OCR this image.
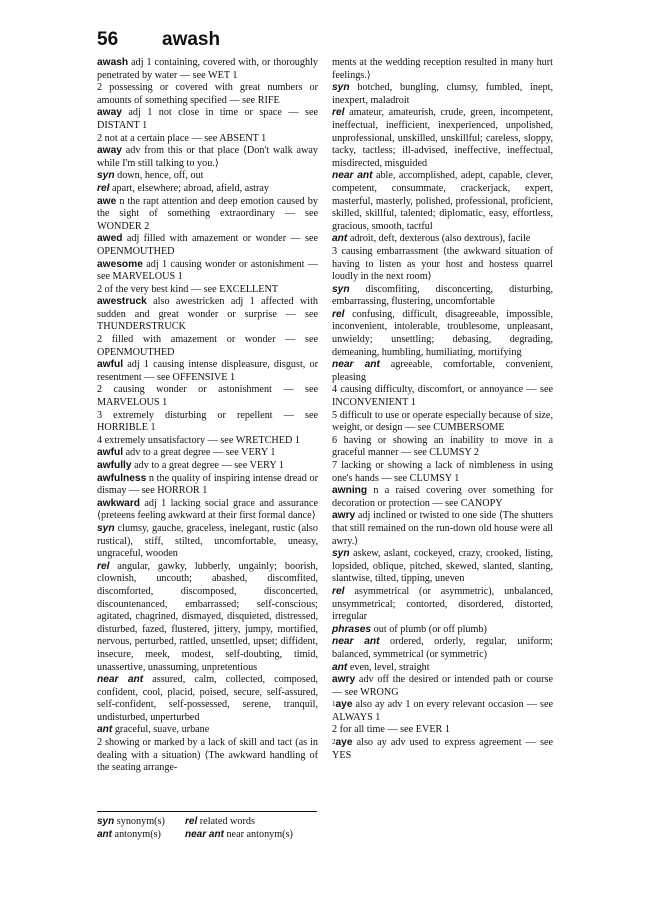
56 awash

awash adj 1 containing, covered with, or thoroughly penetrated by water — see WET 1

2 possessing or covered with great numbers or amounts of something specified — see RIFE

away adj 1 not close in time or space — see DISTANT 1

2 not at a certain place — see ABSENT 1

away adv from this or that place ⟨Don't walk away while I'm still talking to you.⟩

syn down, hence, off, out

rel apart, elsewhere; abroad, afield, astray

awe n the rapt attention and deep emotion caused by the sight of something extraordinary — see WONDER 2

awed adj filled with amazement or wonder — see OPENMOUTHED

awesome adj 1 causing wonder or astonishment — see MARVELOUS 1

2 of the very best kind — see EXCELLENT

awestruck also awestricken adj 1 affected with sudden and great wonder or surprise — see THUNDERSTRUCK

2 filled with amazement or wonder — see OPENMOUTHED

awful adj 1 causing intense displeasure, disgust, or resentment — see OFFENSIVE 1

2 causing wonder or astonishment — see MARVELOUS 1

3 extremely disturbing or repellent — see HORRIBLE 1

4 extremely unsatisfactory — see WRETCHED 1

awful adv to a great degree — see VERY 1

awfully adv to a great degree — see VERY 1

awfulness n the quality of inspiring intense dread or dismay — see HORROR 1

awkward adj 1 lacking social grace and assurance ⟨preteens feeling awkward at their first formal dance⟩

syn clumsy, gauche, graceless, inelegant, rustic (also rustical), stiff, stilted, uncomfortable, uneasy, ungraceful, wooden

rel angular, gawky, lubberly, ungainly; boorish, clownish, uncouth; abashed, discomfited, discomforted, discomposed, disconcerted, discountenanced, embarrassed; self-conscious; agitated, chagrined, dismayed, disquieted, distressed, disturbed, fazed, flustered, jittery, jumpy, mortified, nervous, perturbed, rattled, unsettled, upset; diffident, insecure, meek, modest, self-doubting, timid, unassertive, unassuming, unpretentious

near ant assured, calm, collected, composed, confident, cool, placid, poised, secure, self-assured, self-confident, self-possessed, serene, tranquil, undisturbed, unperturbed

ant graceful, suave, urbane

2 showing or marked by a lack of skill and tact (as in dealing with a situation) ⟨The awkward handling of the seating arrange-

ments at the wedding reception resulted in many hurt feelings.⟩

syn botched, bungling, clumsy, fumbled, inept, inexpert, maladroit

rel amateur, amateurish, crude, green, incompetent, ineffectual, inefficient, inexperienced, unpolished, unprofessional, unskilled, unskillful; careless, sloppy, tacky, tactless; ill-advised, ineffective, ineffectual, misdirected, misguided

near ant able, accomplished, adept, capable, clever, competent, consummate, crackerjack, expert, masterful, masterly, polished, professional, proficient, skilled, skillful, talented; diplomatic, easy, effortless, gracious, smooth, tactful

ant adroit, deft, dexterous (also dextrous), facile

3 causing embarrassment ⟨the awkward situation of having to listen as your host and hostess quarrel loudly in the next room⟩

syn discomfiting, disconcerting, disturbing, embarrassing, flustering, uncomfortable

rel confusing, difficult, disagreeable, impossible, inconvenient, intolerable, troublesome, unpleasant, unwieldy; unsettling; debasing, degrading, demeaning, humbling, humiliating, mortifying

near ant agreeable, comfortable, convenient, pleasing

4 causing difficulty, discomfort, or annoyance — see INCONVENIENT 1

5 difficult to use or operate especially because of size, weight, or design — see CUMBERSOME

6 having or showing an inability to move in a graceful manner — see CLUMSY 2

7 lacking or showing a lack of nimbleness in using one's hands — see CLUMSY 1

awning n a raised covering over something for decoration or protection — see CANOPY

awry adj inclined or twisted to one side ⟨The shutters that still remained on the run-down old house were all awry.⟩

syn askew, aslant, cockeyed, crazy, crooked, listing, lopsided, oblique, pitched, skewed, slanted, slanting, slantwise, tilted, tipping, uneven

rel asymmetrical (or asymmetric), unbalanced, unsymmetrical; contorted, disordered, distorted, irregular

phrases out of plumb (or off plumb)

near ant ordered, orderly, regular, uniform; balanced, symmetrical (or symmetric)

ant even, level, straight

awry adv off the desired or intended path or course — see WRONG

$^1$aye also ay adv 1 on every relevant occasion — see ALWAYS 1

2 for all time — see EVER 1

$^2$aye also ay adv used to express agreement — see YES

syn synonym(s) rel related words
ant antonym(s) near ant near antonym(s)
